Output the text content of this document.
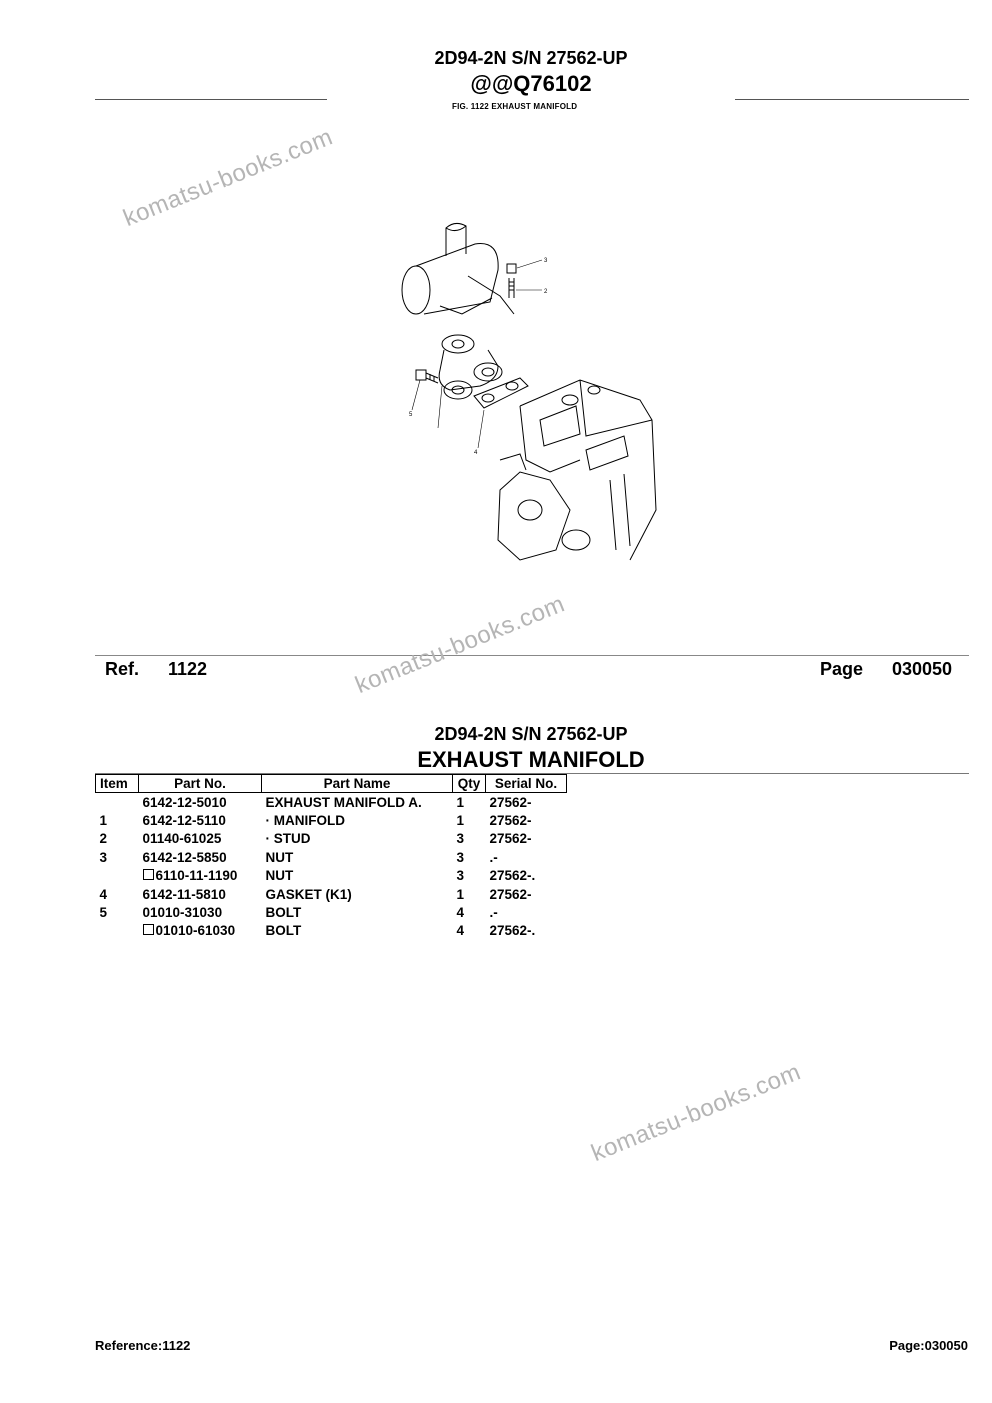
2D94-2N S/N 27562-UP
@@Q76102
FIG. 1122 EXHAUST MANIFOLD
3
2
4
5
Ref. 1122	Page 030050
2D94-2N S/N 27562-UP
EXHAUST MANIFOLD
Item	Part No.	Part Name	Qty	Serial No.
	6142-12-5010	EXHAUST MANIFOLD A.	1	27562-
1	6142-12-5110	· MANIFOLD	1	27562-
2	01140-61025	· STUD	3	27562-
3	6142-12-5850	NUT	3	.-
	6110-11-1190	NUT	3	27562-.
4	6142-11-5810	GASKET (K1)	1	27562-
5	01010-31030	BOLT	4	.-
	01010-61030	BOLT	4	27562-.
Reference:1122	Page:030050
komatsu-books.com
komatsu-books.com
komatsu-books.com
